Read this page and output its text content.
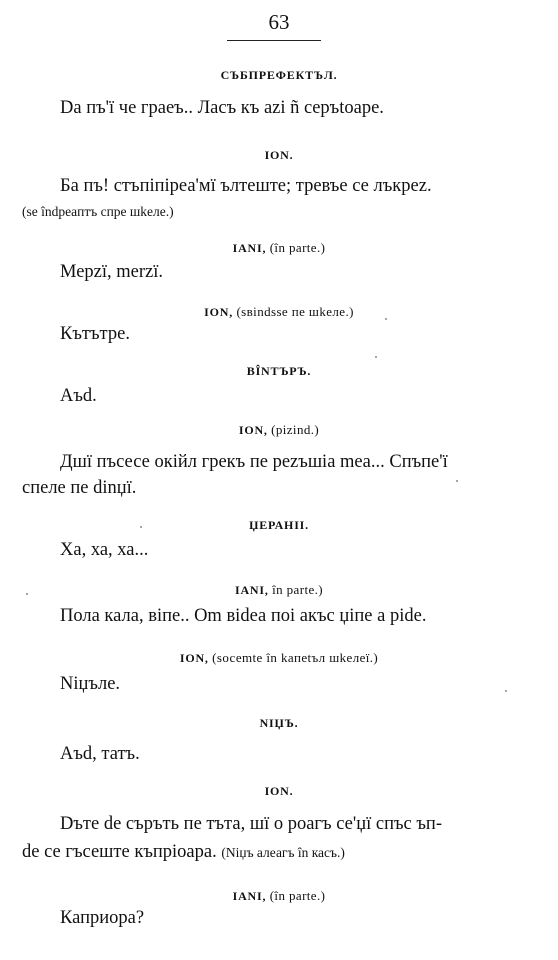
63
СЪБПРЕФЕКТЪЛ.
Da пъ'ї че граеъ.. Ласъ къ azi ñ cepъtoape.
ION.
Ба пъ! стъпiпiреа'мї ълтеште; тревъе се лъкpez.
(se îndpeaптъ спре шkеле.)
IANI, (în parte.)
Мерzї, merzї.
ION, (sвindsse пе шkeле.)
Кътътре.
BÎNTЪРЪ.
Aъd.
ION, (pizind.)
Дшї пъсесе окiйл грекъ пе pezъшia mea... Спъпе'ї
спеле пе dinџї.
ЏЕРАНIІ.
Ха, ха, ха...
IANI, în parte.)
Пола кала, віпе.. Om віdеа поі акъс џiпе а pidе.
ION, (sосеmte în kaпetъл шkeлeї.)
Niџъле.
NIЏЪ.
Aъd, татъ.
ION.
Dъте de съръть пе тъта, шї о роагъ се'џї спъс ъп-
de се гъсеште къпрioapa. (Niџъ алеагъ în касъ.)
IANI, (în parte.)
Каприора?
